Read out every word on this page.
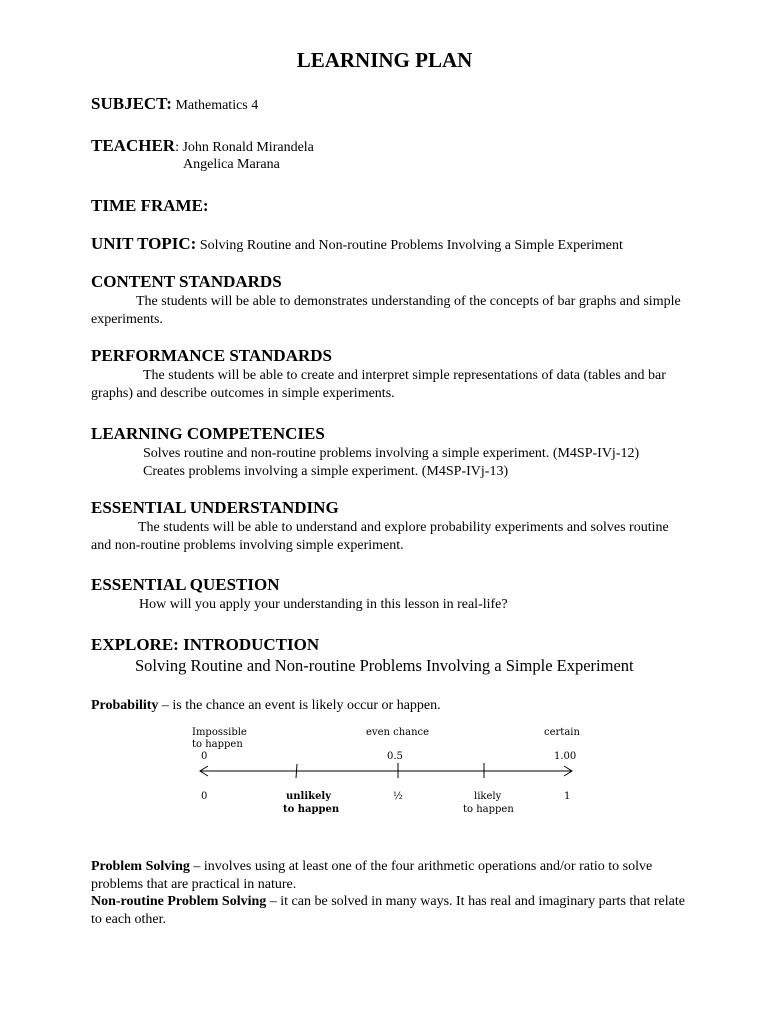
LEARNING PLAN
SUBJECT: Mathematics 4
TEACHER: John Ronald Mirandela
Angelica Marana
TIME FRAME:
UNIT TOPIC: Solving Routine and Non-routine Problems Involving a Simple Experiment
CONTENT STANDARDS
The students will be able to demonstrates understanding of the concepts of bar graphs and simple experiments.
PERFORMANCE STANDARDS
The students will be able to create and interpret simple representations of data (tables and bar graphs) and describe outcomes in simple experiments.
LEARNING COMPETENCIES
Solves routine and non-routine problems involving a simple experiment. (M4SP-IVj-12)
Creates problems involving a simple experiment. (M4SP-IVj-13)
ESSENTIAL UNDERSTANDING
The students will be able to understand and explore probability experiments and solves routine and non-routine problems involving simple experiment.
ESSENTIAL QUESTION
How will you apply your understanding in this lesson in real-life?
EXPLORE: INTRODUCTION
Solving Routine and Non-routine Problems Involving a Simple Experiment
Probability – is the chance an event is likely occur or happen.
Problem Solving – involves using at least one of the four arithmetic operations and/or ratio to solve problems that are practical in nature.
Non-routine Problem Solving – it can be solved in many ways. It has real and imaginary parts that relate to each other.
Impossible
to happen
even chance	certain
0	0.5	1.00
0	unlikely
to happen
½	likely
to happen
1
